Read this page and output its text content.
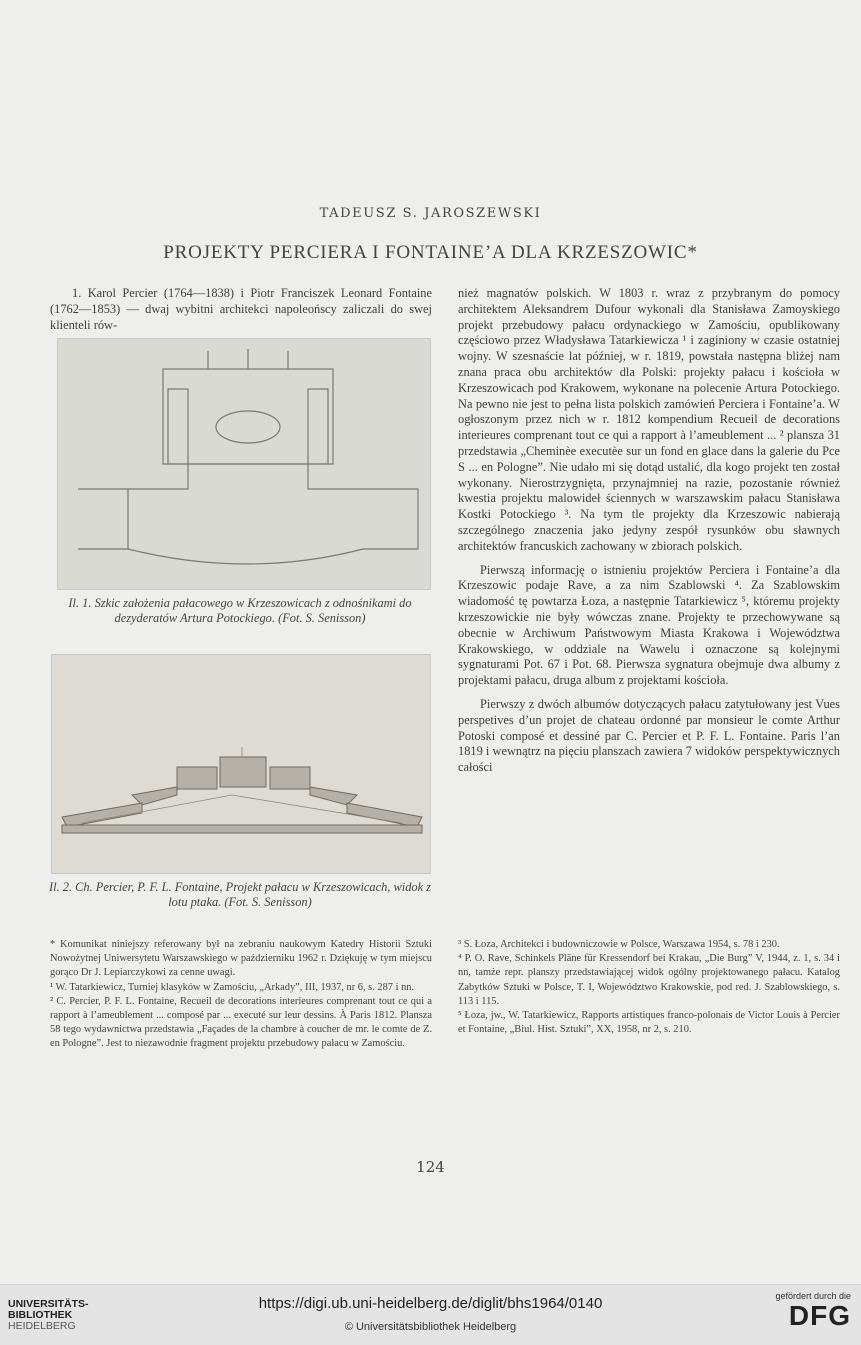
TADEUSZ S. JAROSZEWSKI
PROJEKTY PERCIERA I FONTAINE’A DLA KRZESZOWIC*

1. Karol Percier (1764—1838) i Piotr Franciszek Leonard Fontaine (1762—1853) — dwaj wybitni architekci napoleońscy zaliczali do swej klienteli rów-

Il. 1. Szkic założenia pałacowego w Krzeszowicach z odnośnikami do dezyderatów Artura Potockiego. (Fot. S. Senisson)
Il. 2. Ch. Percier, P. F. L. Fontaine, Projekt pałacu w Krzeszowicach, widok z lotu ptaka. (Fot. S. Senisson)

nież magnatów polskich. W 1803 r. wraz z przybranym do pomocy architektem Aleksandrem Dufour wykonali dla Stanisława Zamoyskiego projekt przebudowy pałacu ordynackiego w Zamościu, opublikowany częściowo przez Władysława Tatarkiewicza ¹ i zaginiony w czasie ostatniej wojny. W szesnaście lat później, w r. 1819, powstała następna bliżej nam znana praca obu architektów dla Polski: projekty pałacu i kościoła w Krzeszowicach pod Krakowem, wykonane na polecenie Artura Potockiego. Na pewno nie jest to pełna lista polskich zamówień Perciera i Fontaine’a. W ogłoszonym przez nich w r. 1812 kompendium Recueil de decorations interieures comprenant tout ce qui a rapport à l’ameublement ... ² plansza 31 przedstawia „Cheminèe executèe sur un fond en glace dans la galerie du Pce S ... en Pologne”. Nie udało mi się dotąd ustalić, dla kogo projekt ten został wykonany. Nierostrzygnięta, przynajmniej na razie, pozostanie również kwestia projektu malowideł ściennych w warszawskim pałacu Stanisława Kostki Potockiego ³. Na tym tle projekty dla Krzeszowic nabierają szczególnego znaczenia jako jedyny zespół rysunków obu sławnych architektów francuskich zachowany w zbiorach polskich.

Pierwszą informację o istnieniu projektów Perciera i Fontaine’a dla Krzeszowic podaje Rave, a za nim Szablowski ⁴. Za Szablowskim wiadomość tę powtarza Łoza, a następnie Tatarkiewicz ⁵, któremu projekty krzeszowickie nie były wówczas znane. Projekty te przechowywane są obecnie w Archiwum Państwowym Miasta Krakowa i Województwa Krakowskiego, w oddziale na Wawelu i oznaczone są kolejnymi sygnaturami Pot. 67 i Pot. 68. Pierwsza sygnatura obejmuje dwa albumy z projektami pałacu, druga album z projektami kościoła.

Pierwszy z dwóch albumów dotyczących pałacu zatytułowany jest Vues perspetives d’un projet de chateau ordonné par monsieur le comte Arthur Potoski composé et dessiné par C. Percier et P. F. L. Fontaine. Paris l’an 1819 i wewnątrz na pięciu planszach zawiera 7 widoków perspektywicznych całości

* Komunikat niniejszy referowany był na zebraniu naukowym Katedry Historii Sztuki Nowożytnej Uniwersytetu Warszawskiego w październiku 1962 r. Dziękuję w tym miejscu gorąco Dr J. Lepiarczykowi za cenne uwagi.

¹ W. Tatarkiewicz, Turniej klasyków w Zamościu, „Arkady”, III, 1937, nr 6, s. 287 i nn.

² C. Percier, P. F. L. Fontaine, Recueil de decorations interieures comprenant tout ce qui a rapport à l’ameublement ... composé par ... executé sur leur dessins. À Paris 1812. Plansza 58 tego wydawnictwa przedstawia „Façades de la chambre à coucher de mr. le comte de Z. en Pologne”. Jest to niezawodnie fragment projektu przebudowy pałacu w Zamościu.

³ S. Łoza, Architekci i budowniczowie w Polsce, Warszawa 1954, s. 78 i 230.

⁴ P. O. Rave, Schinkels Pläne für Kressendorf bei Krakau, „Die Burg” V, 1944, z. 1, s. 34 i nn, tamże repr. planszy przedstawiającej widok ogólny projektowanego pałacu. Katalog Zabytków Sztuki w Polsce, T. I, Województwo Krakowskie, pod red. J. Szablowskiego, s. 113 i 115.

⁵ Łoza, jw., W. Tatarkiewicz, Rapports artistiques franco-polonais de Victor Louis à Percier et Fontaine, „Biul. Hist. Sztuki”, XX, 1958, nr 2, s. 210.

124
UNIVERSITÄTS-
BIBLIOTHEK
HEIDELBERG
https://digi.ub.uni-heidelberg.de/diglit/bhs1964/0140
© Universitätsbibliothek Heidelberg
gefördert durch die
DFG
